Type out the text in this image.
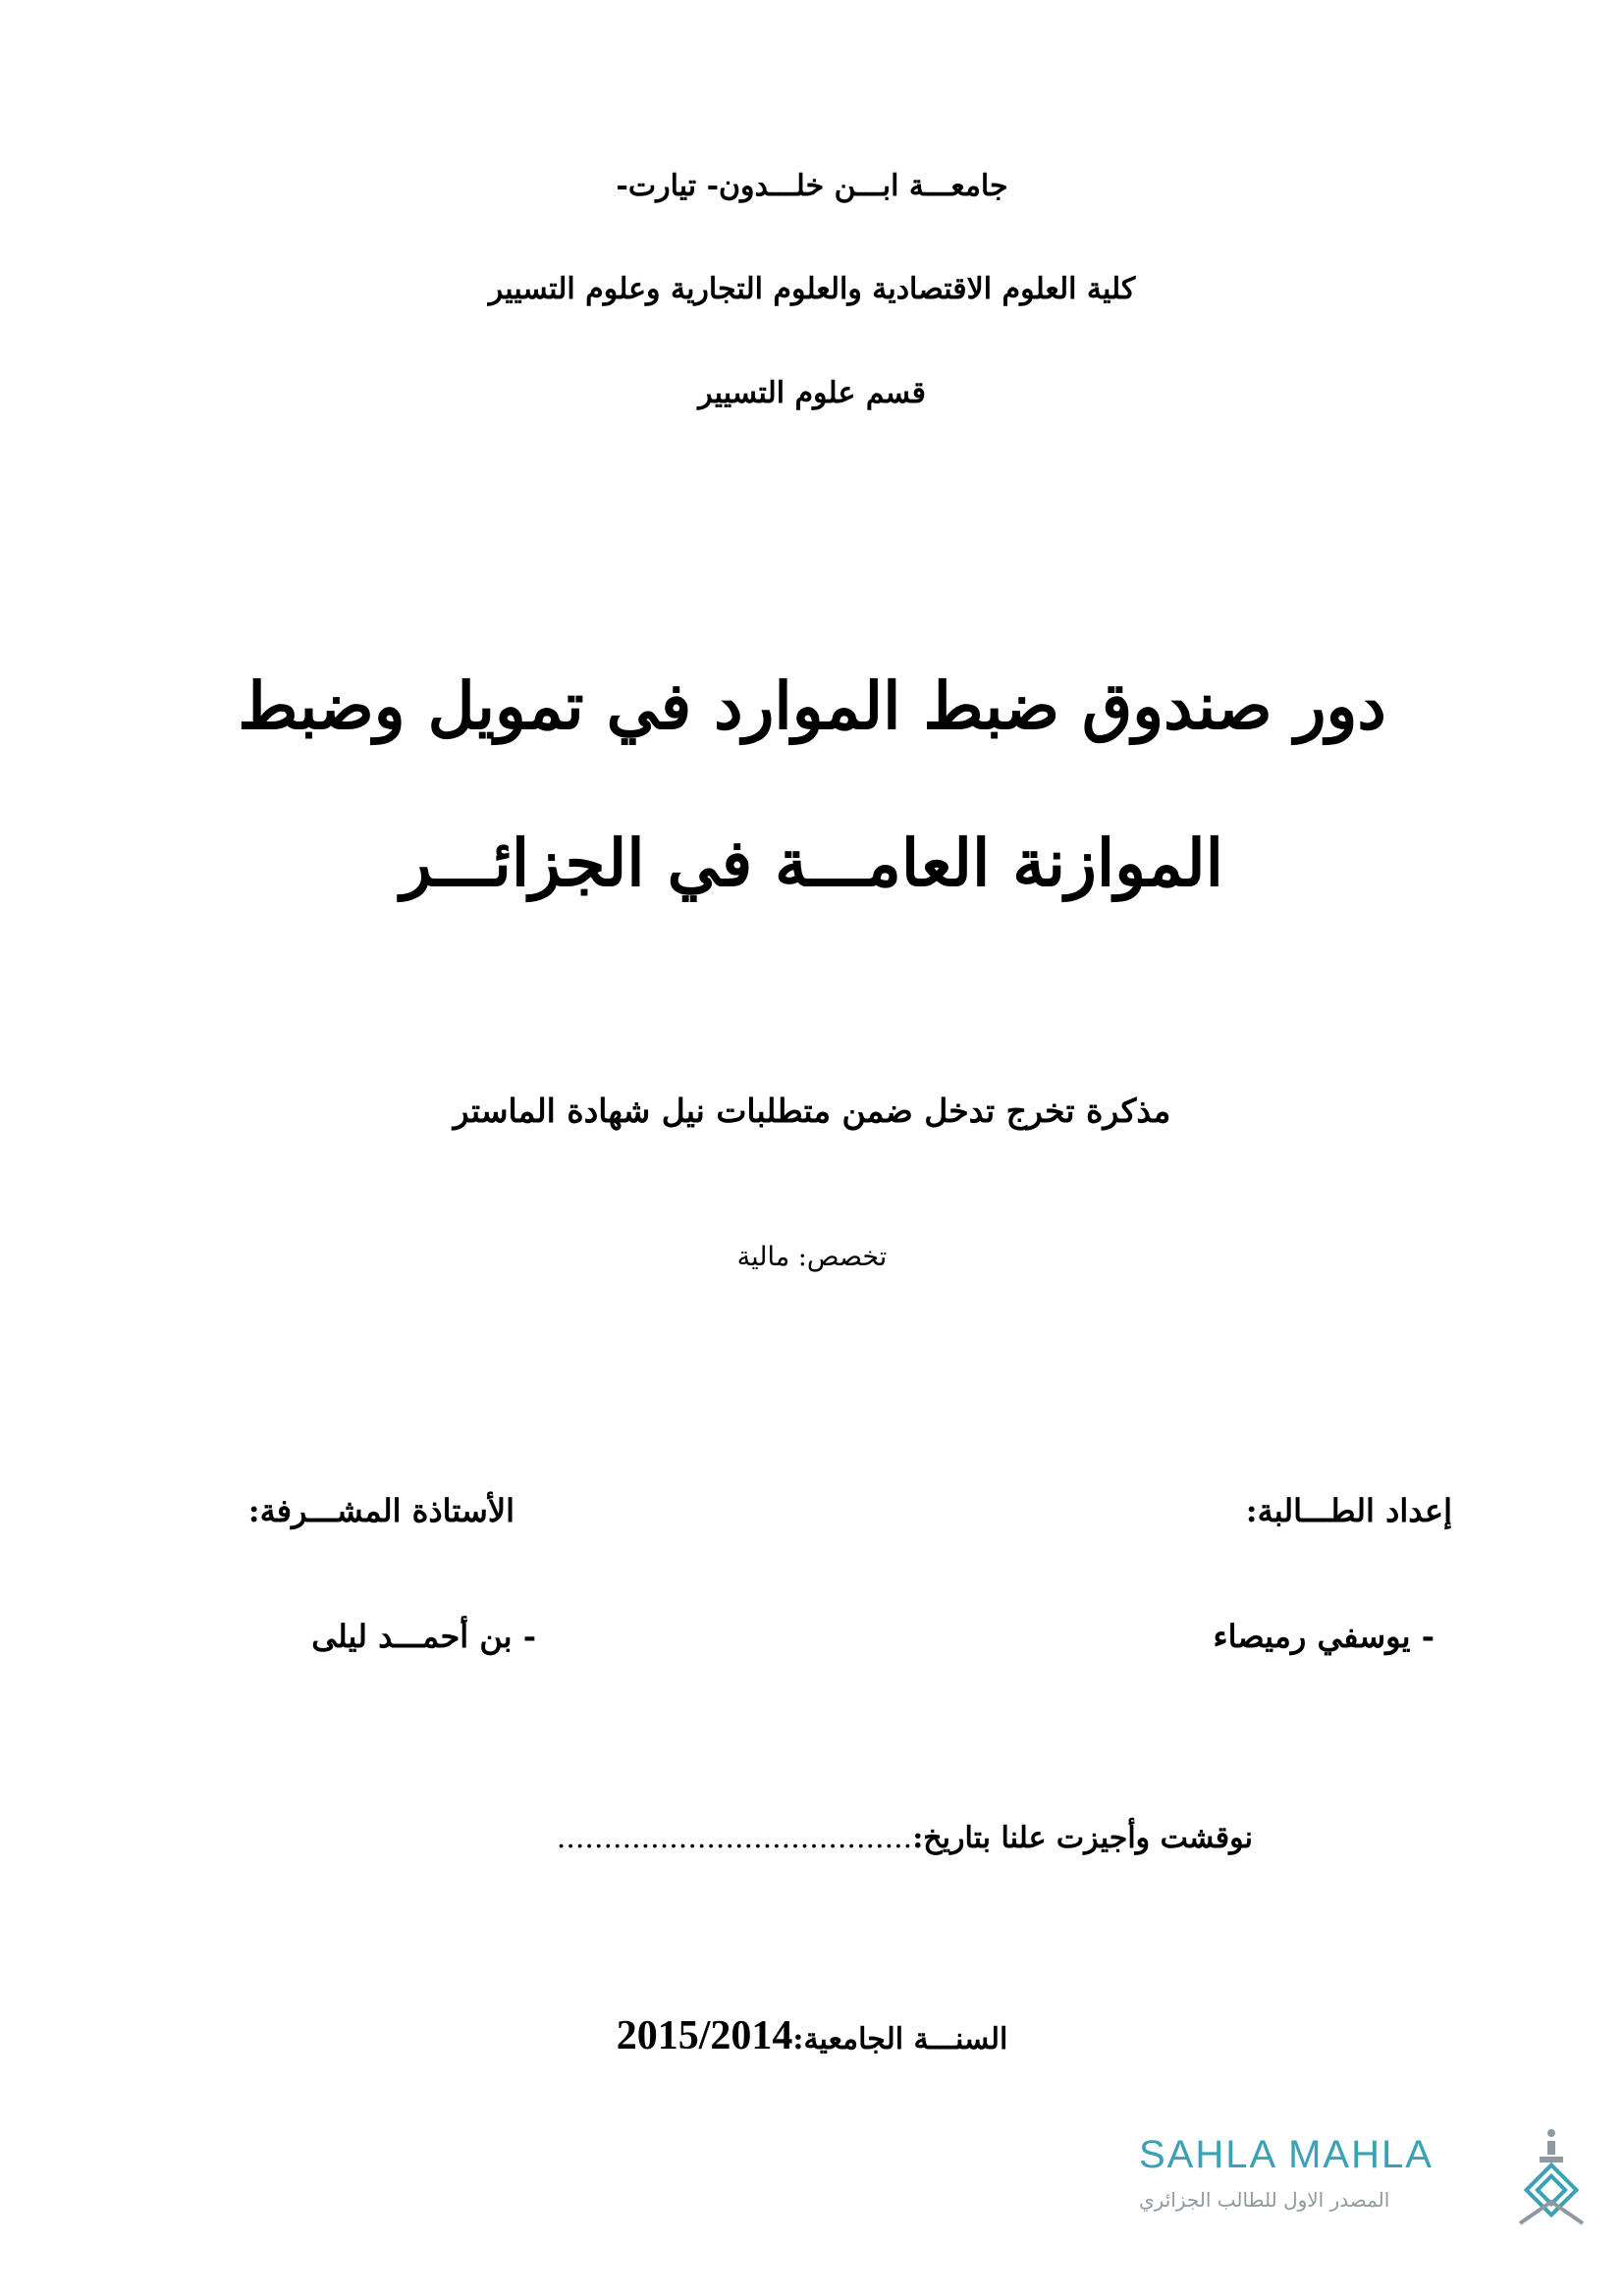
جامعـــة ابـــن خلـــدون- تيارت-
كلية العلوم الاقتصادية والعلوم التجارية وعلوم التسيير
قسم علوم التسيير
دور صندوق ضبط الموارد في تمويل وضبط
الموازنة العامـــة في الجزائـــر
مذكرة تخرج تدخل ضمن متطلبات نيل شهادة الماستر
تخصص: مالية
إعداد الطـــالبة:
- يوسفي رميصاء
الأستاذة المشـــرفة:
- بن أحمـــد ليلى
نوقشت وأجيزت علنا بتاريخ:......................................
السنـــة الجامعية:2015/2014
SAHLA MAHLA
المصدر الاول للطالب الجزائري
